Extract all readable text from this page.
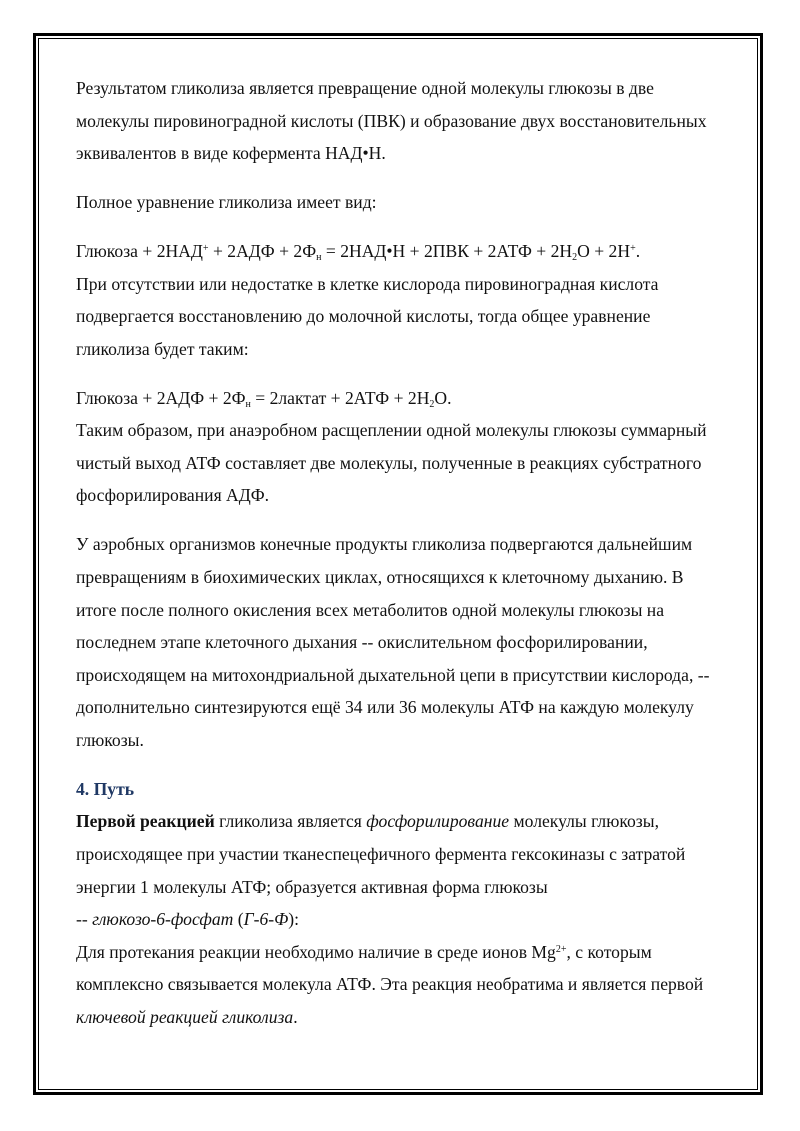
Результатом гликолиза является превращение одной молекулы глюкозы в две молекулы пировиноградной кислоты (ПВК) и образование двух восстановительных эквивалентов в виде кофермента НАД•Н.

Полное уравнение гликолиза имеет вид:

Глюкоза + $2НАД^+ + 2АДФ + 2Ф_н$ = 2НАД•Н + $2ПВК + 2АТФ + 2Н_2О + 2Н^+$.

При отсутствии или недостатке в клетке кислорода пировиноградная кислота подвергается восстановлению до молочной кислоты, тогда общее уравнение гликолиза будет таким:

Глюкоза + $2АДФ + 2Ф_н$ = 2лактат + $2АТФ + 2Н_2О$.

Таким образом, при анаэробном расщеплении одной молекулы глюкозы суммарный чистый выход АТФ составляет две молекулы, полученные в реакциях субстратного фосфорилирования АДФ.

У аэробных организмов конечные продукты гликолиза подвергаются дальнейшим превращениям в биохимических циклах, относящихся к клеточному дыханию. В итоге после полного окисления всех метаболитов одной молекулы глюкозы на последнем этапе клеточного дыхания -- окислительном фосфорилировании, происходящем на митохондриальной дыхательной цепи в присутствии кислорода, -- дополнительно синтезируются ещё 34 или 36 молекулы АТФ на каждую молекулу глюкозы.

4. Путь

Первой реакцией гликолиза является фосфорилирование молекулы глюкозы, происходящее при участии тканеспецефичного фермента гексокиназы с затратой энергии 1 молекулы АТФ; образуется активная форма глюкозы
-- глюкозо-6-фосфат (Г-6-Ф):

Для протекания реакции необходимо наличие в среде ионов $Mg^{2+}$, с которым комплексно связывается молекула АТФ. Эта реакция необратима и является первой ключевой реакцией гликолиза.
